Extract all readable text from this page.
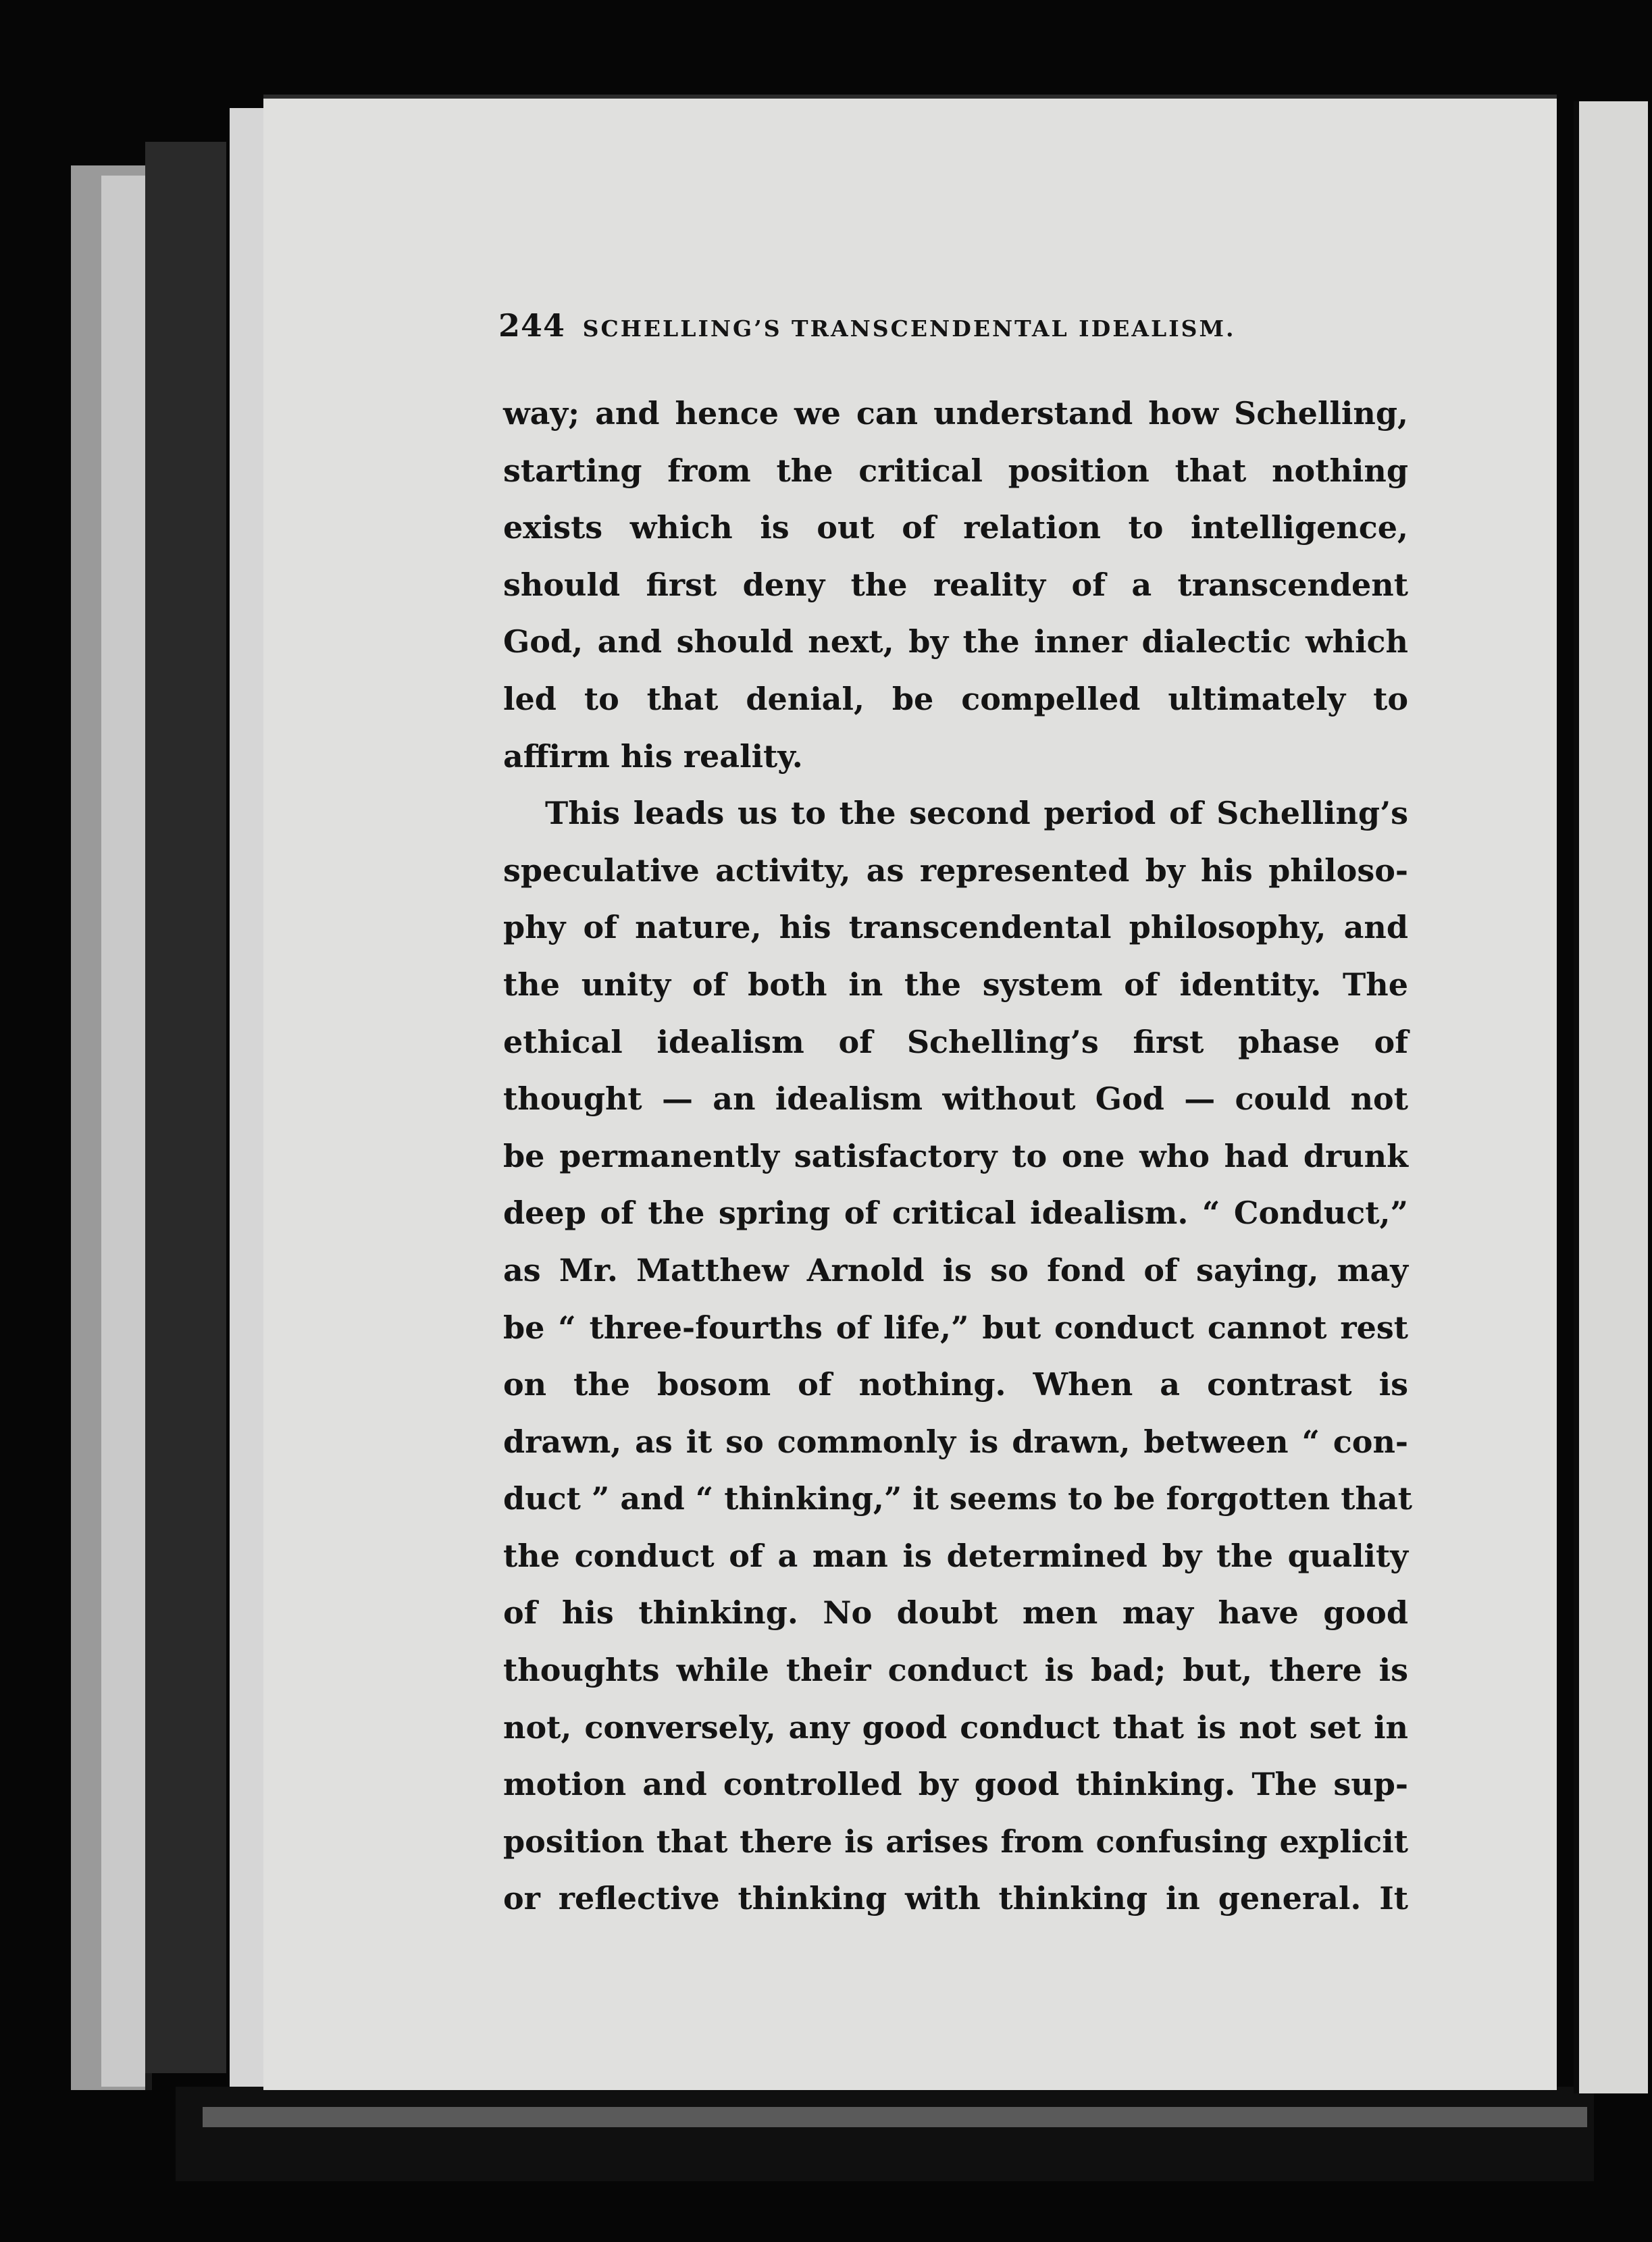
244 SCHELLING’S TRANSCENDENTAL IDEALISM.
way; and hence we can understand how Schelling,
starting from the critical position that nothing
exists which is out of relation to intelligence,
should first deny the reality of a transcendent
God, and should next, by the inner dialectic which
led to that denial, be compelled ultimately to
affirm his reality.
This leads us to the second period of Schelling’s
speculative activity, as represented by his philoso-
phy of nature, his transcendental philosophy, and
the unity of both in the system of identity. The
ethical idealism of Schelling’s first phase of
thought — an idealism without God — could not
be permanently satisfactory to one who had drunk
deep of the spring of critical idealism. “ Conduct,”
as Mr. Matthew Arnold is so fond of saying, may
be “ three-fourths of life,” but conduct cannot rest
on the bosom of nothing. When a contrast is
drawn, as it so commonly is drawn, between “ con-
duct ” and “ thinking,” it seems to be forgotten that
the conduct of a man is determined by the quality
of his thinking. No doubt men may have good
thoughts while their conduct is bad; but, there is
not, conversely, any good conduct that is not set in
motion and controlled by good thinking. The sup-
position that there is arises from confusing explicit
or reflective thinking with thinking in general. It
